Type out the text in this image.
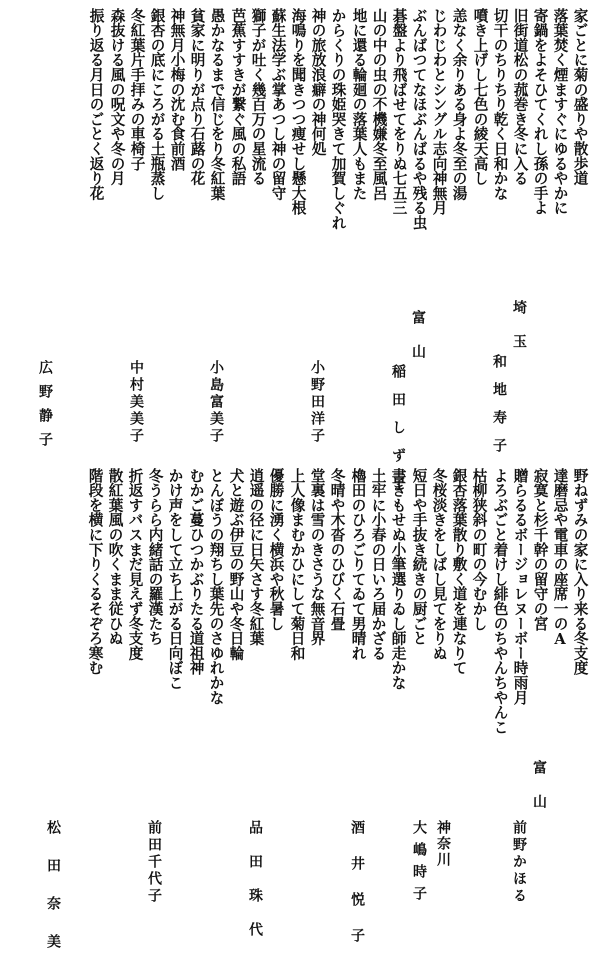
家ごとに菊の盛りや散歩道
落葉焚く煙ますぐにゆるやかに
寄鍋をよそひてくれし孫の手よ
旧街道松の菰巻き冬に入る
切干のちりちり乾く日和かな
噴き上げし七色の綾天高し
恙なく余りある身よ冬至の湯
じわじわとシングル志向神無月
ぶんばつてなほぶんばるや残る虫
碁盤より飛ばせてをりぬ七五三
山の中の虫の不機嫌冬至風呂
地に還る輪廻の落葉人もまた
からくりの珠姫哭きて加賀しぐれ
神の旅放浪癖の神何処
海鳴りを聞きつつ痩せし懸大根
蘇生法学ぶ掌あつし神の留守
獅子が吐く幾百万の星流る
芭蕉すすきが繋ぐ風の私語
愚かなるまで信じをり冬紅葉
貧家に明りが点り石蕗の花
神無月小梅の沈む食前酒
銀杏の底にころがる土瓶蒸し
冬紅葉片手拝みの車椅子
森抜ける風の呪文や冬の月
振り返る月日のごとく返り花
埼玉
和地寿子
富山
稲田しず子
小野田洋子
小島富美子
中村美美子
広野静子
野ねずみの家に入り来る冬支度
達磨忌や電車の座席一のA
寂寞と杉千幹の留守の宮
贈らるるボージョレヌーボー時雨月
よろぶごと着けし緋色のちやんちやんこ
枯柳狭斜の町の今むかし
銀杏落葉散り敷く道を連なりて
冬桜淡きをしばし見てをりぬ
短日や手抜き続きの厨ごと
書きもせぬ小筆選りゐし師走かな
土牢に小春の日いろ届かざる
櫓田のひろごりてゐて男晴れ
冬晴や木沓のひびく石畳
堂裏は雪のきさうな無音界
上人像まむかひにして菊日和
優勝に湧く横浜や秋暑し
逍遥の径に日矢さす冬紅葉
犬と遊ぶ伊豆の野山や冬日輪
とんぼうの翔ちし葉先のさゆれかな
むかご蔓ひつかぶりたる道祖神
かけ声をして立ち上がる日向ぼこ
冬うらら内緒話の羅漢たち
折返すバスまだ見えず冬支度
散紅葉風の吹くまま従ひぬ
階段を横に下りくるそぞろ寒む
富山
前野かほる
神奈川
大嶋時子
酒井悦子
品田珠代
前田千代子
松田奈美
